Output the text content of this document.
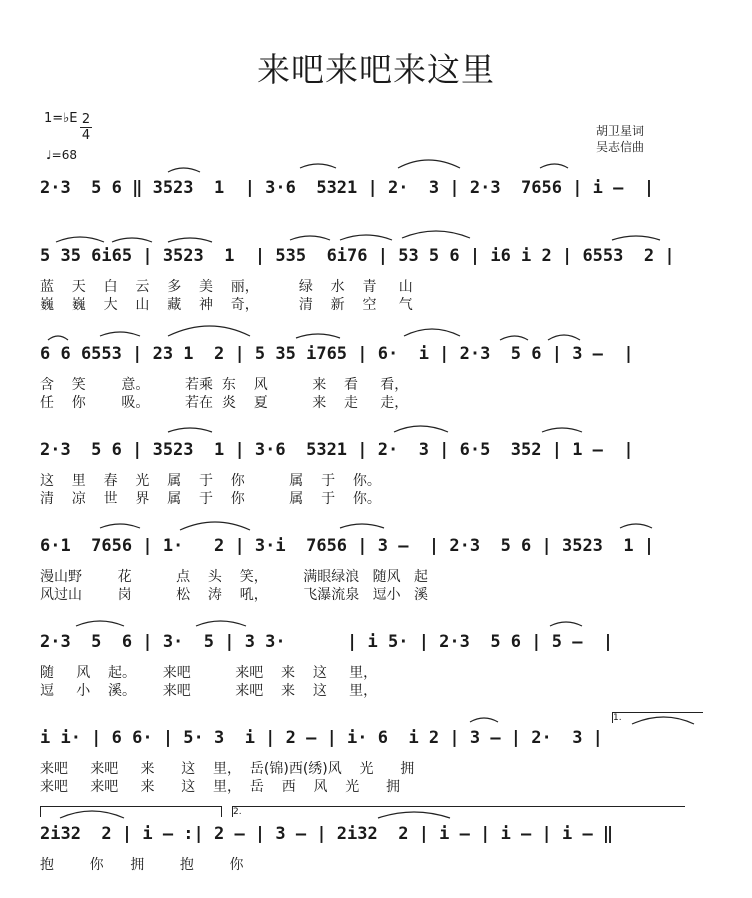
来吧来吧来这里
1=♭E 2
4
♩=68
胡卫星词
吴志信曲
2·3  5 6 ‖ 3523  1  | 3·6  5321 | 2·  3 | 2·3  7656 | i –  |
5 35 6i65 | 3523  1  | 535  6i76 | 53 5 6 | i6 i 2 | 6553  2 |
蓝    天    白    云    多    美    丽，         绿    水    青     山
巍    巍    大    山    藏    神    奇，         清    新    空     气
6 6 6553 | 23 1  2 | 5 35 i765 | 6·  i | 2·3  5 6 | 3 –  |
含    笑        意。        若乘  东    风          来    看     看，
任    你        吸。        若在  炎    夏          来    走     走，
2·3  5 6 | 3523  1 | 3·6  5321 | 2·  3 | 6·5  352 | 1 –  |
这    里    春    光    属    于    你          属    于    你。
清    凉    世    界    属    于    你          属    于    你。
6·1  7656 | 1·   2 | 3·i  7656 | 3 –  | 2·3  5 6 | 3523  1 |
漫山野        花          点    头    笑，        满眼绿浪   随风   起
风过山        岗          松    涛    吼，        飞瀑流泉   逗小   溪
2·3  5  6 | 3·  5 | 3 3·      | i 5· | 2·3  5 6 | 5 –  |
随     风    起。      来吧          来吧    来    这     里，
逗     小    溪。      来吧          来吧    来    这     里，
i i· | 6 6· | 5· 3  i | 2 – | i· 6  i 2 | 3 – | 2·  3 |
来吧     来吧     来      这    里，  岳(锦)西(绣)风    光      拥
来吧     来吧     来      这    里，  岳    西    风    光      拥
1.
2i32  2 | i – :| 2 – | 3 – | 2i32  2 | i – | i – | i – ‖
抱        你      拥        抱        你
2.
